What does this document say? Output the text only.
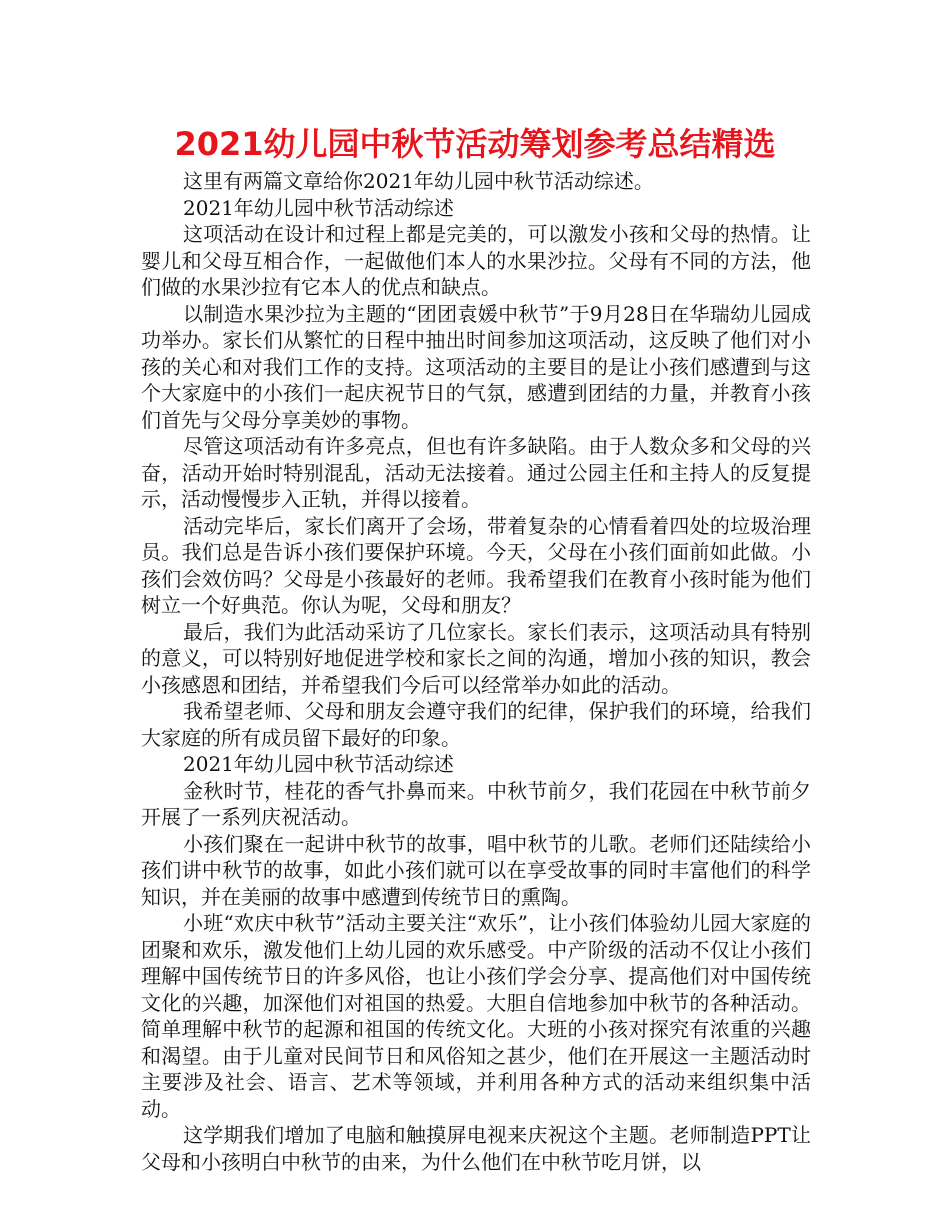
2021幼儿园中秋节活动筹划参考总结精选

这里有两篇文章给你2021年幼儿园中秋节活动综述。

2021年幼儿园中秋节活动综述

这项活动在设计和过程上都是完美的，可以激发小孩和父母的热情。让婴儿和父母互相合作，一起做他们本人的水果沙拉。父母有不同的方法，他们做的水果沙拉有它本人的优点和缺点。

以制造水果沙拉为主题的“团团袁媛中秋节”于9月28日在华瑞幼儿园成功举办。家长们从繁忙的日程中抽出时间参加这项活动，这反映了他们对小孩的关心和对我们工作的支持。这项活动的主要目的是让小孩们感遭到与这个大家庭中的小孩们一起庆祝节日的气氛，感遭到团结的力量，并教育小孩们首先与父母分享美妙的事物。

尽管这项活动有许多亮点，但也有许多缺陷。由于人数众多和父母的兴奋，活动开始时特别混乱，活动无法接着。通过公园主任和主持人的反复提示，活动慢慢步入正轨，并得以接着。

活动完毕后，家长们离开了会场，带着复杂的心情看着四处的垃圾治理员。我们总是告诉小孩们要保护环境。今天，父母在小孩们面前如此做。小孩们会效仿吗？父母是小孩最好的老师。我希望我们在教育小孩时能为他们树立一个好典范。你认为呢，父母和朋友？

最后，我们为此活动采访了几位家长。家长们表示，这项活动具有特别的意义，可以特别好地促进学校和家长之间的沟通，增加小孩的知识，教会小孩感恩和团结，并希望我们今后可以经常举办如此的活动。

我希望老师、父母和朋友会遵守我们的纪律，保护我们的环境，给我们大家庭的所有成员留下最好的印象。

2021年幼儿园中秋节活动综述

金秋时节，桂花的香气扑鼻而来。中秋节前夕，我们花园在中秋节前夕开展了一系列庆祝活动。

小孩们聚在一起讲中秋节的故事，唱中秋节的儿歌。老师们还陆续给小孩们讲中秋节的故事，如此小孩们就可以在享受故事的同时丰富他们的科学知识，并在美丽的故事中感遭到传统节日的熏陶。

小班“欢庆中秋节”活动主要关注“欢乐”，让小孩们体验幼儿园大家庭的团聚和欢乐，激发他们上幼儿园的欢乐感受。中产阶级的活动不仅让小孩们理解中国传统节日的许多风俗，也让小孩们学会分享、提高他们对中国传统文化的兴趣，加深他们对祖国的热爱。大胆自信地参加中秋节的各种活动。简单理解中秋节的起源和祖国的传统文化。大班的小孩对探究有浓重的兴趣和渴望。由于儿童对民间节日和风俗知之甚少，他们在开展这一主题活动时主要涉及社会、语言、艺术等领域，并利用各种方式的活动来组织集中活动。

这学期我们增加了电脑和触摸屏电视来庆祝这个主题。老师制造PPT让父母和小孩明白中秋节的由来，为什么他们在中秋节吃月饼，以
